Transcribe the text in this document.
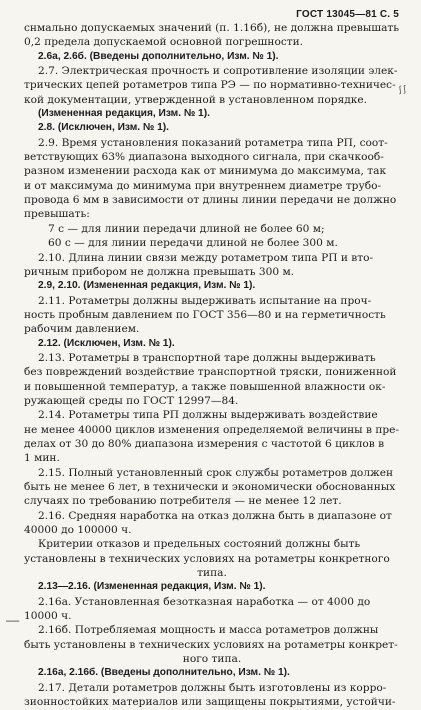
ГОСТ 13045—81 С. 5
ʃ ʃ
‒‒
снмально допускаемых значений (п. 1.16б), не должна превышать
0,2 предела допускаемой основной погрешности.
2.6а, 2.6б. (Введены дополнительно, Изм. № 1).
2.7. Электрическая прочность и сопротивление изоляции элек-
трических цепей ротаметров типа РЭ — по нормативно-техничес-
кой документации, утвержденной в установленном порядке.
(Измененная редакция, Изм. № 1).
2.8. (Исключен, Изм. № 1).
2.9. Время установления показаний ротаметра типа РП, соот-
ветствующих 63% диапазона выходного сигнала, при скачкооб-
разном изменении расхода как от минимума до максимума, так
и от максимума до минимума при внутреннем диаметре трубо-
провода 6 мм в зависимости от длины линии передачи не должно
превышать:
7 с — для линии передачи длиной не более 60 м;
60 с — для линии передачи длиной не более 300 м.
2.10. Длина линии связи между ротаметром типа РП и вто-
ричным прибором не должна превышать 300 м.
2.9, 2.10. (Измененная редакция, Изм. № 1).
2.11. Ротаметры должны выдерживать испытание на проч-
ность пробным давлением по ГОСТ 356—80 и на герметичность
рабочим давлением.
2.12. (Исключен, Изм. № 1).
2.13. Ротаметры в транспортной таре должны выдерживать
без повреждений воздействие транспортной тряски, пониженной
и повышенной температур, а также повышенной влажности ок-
ружающей среды по ГОСТ 12997—84.
2.14. Ротаметры типа РП должны выдерживать воздействие
не менее 40000 циклов изменения определяемой величины в пре-
делах от 30 до 80% диапазона измерения с частотой 6 циклов в
1 мин.
2.15. Полный установленный срок службы ротаметров должен
быть не менее 6 лет, в технически и экономически обоснованных
случаях по требованию потребителя — не менее 12 лет.
2.16. Средняя наработка на отказ должна быть в диапазоне от
40000 до 100000 ч.
Критерии отказов и предельных состояний должны быть
установлены в технических условиях на ротаметры конкретного
типа.
2.13—2.16. (Измененная редакция, Изм. № 1).
2.16а. Установленная безотказная наработка — от 4000 до
10000 ч.
2.16б. Потребляемая мощность и масса ротаметров должны
быть установлены в технических условиях на ротаметры конкрет-
ного типа.
2.16а, 2.16б. (Введены дополнительно, Изм. № 1).
2.17. Детали ротаметров должны быть изготовлены из корро-
зионностойких материалов или защищены покрытиями, устойчи-
